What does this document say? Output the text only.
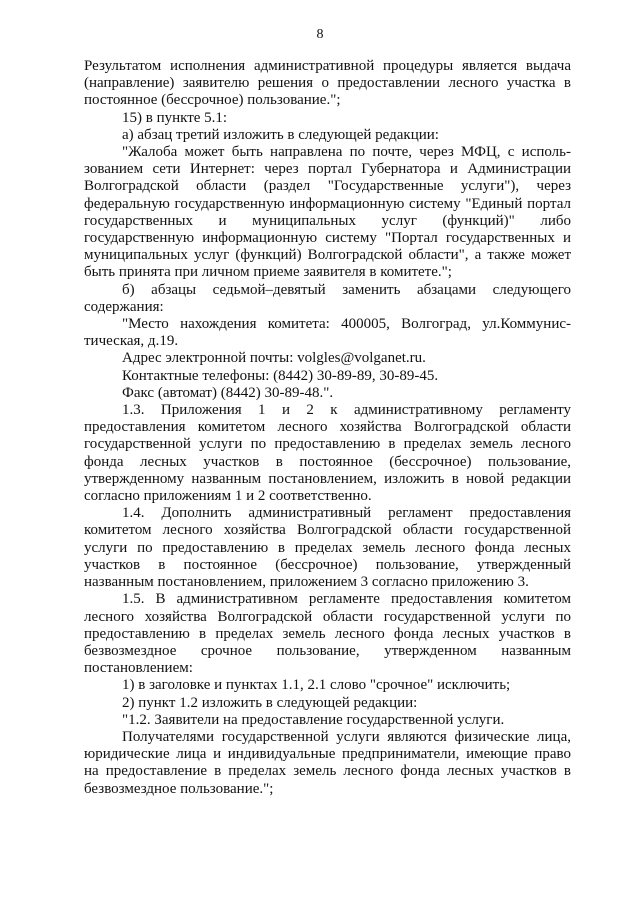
8

Результатом исполнения административной процедуры является выдача (направление) заявителю решения о предоставлении лесного участка в постоянное (бессрочное) пользование.";

15) в пункте 5.1:

а) абзац третий изложить в следующей редакции:

"Жалоба может быть направлена по почте, через МФЦ, с исполь- зованием сети Интернет: через портал Губернатора и Администрации Волгоградской области (раздел "Государственные услуги"), через федеральную государственную информационную систему "Единый портал государственных и муниципальных услуг (функций)" либо государственную информационную систему "Портал государственных и муниципальных услуг (функций) Волгоградской области", а также может быть принята при личном приеме заявителя в комитете.";

б) абзацы седьмой–девятый заменить абзацами следующего содержания:

"Место нахождения комитета: 400005, Волгоград, ул.Коммунис- тическая, д.19.

Адрес электронной почты: volgles@volganet.ru.

Контактные телефоны: (8442) 30-89-89, 30-89-45.

Факс (автомат) (8442) 30-89-48.".

1.3. Приложения 1 и 2 к административному регламенту предоставления комитетом лесного хозяйства Волгоградской области государственной услуги по предоставлению в пределах земель лесного фонда лесных участков в постоянное (бессрочное) пользование, утвержденному названным постановлением, изложить в новой редакции согласно приложениям 1 и 2 соответственно.

1.4. Дополнить административный регламент предоставления комитетом лесного хозяйства Волгоградской области государственной услуги по предоставлению в пределах земель лесного фонда лесных участков в постоянное (бессрочное) пользование, утвержденный названным постановлением, приложением 3 согласно приложению 3.

1.5. В административном регламенте предоставления комитетом лесного хозяйства Волгоградской области государственной услуги по предоставлению в пределах земель лесного фонда лесных участков в безвозмездное срочное пользование, утвержденном названным постановлением:

1) в заголовке и пунктах 1.1, 2.1 слово "срочное" исключить;

2) пункт 1.2 изложить в следующей редакции:

"1.2. Заявители на предоставление государственной услуги.

Получателями государственной услуги являются физические лица, юридические лица и индивидуальные предприниматели, имеющие право на предоставление в пределах земель лесного фонда лесных участков в безвозмездное пользование.";
